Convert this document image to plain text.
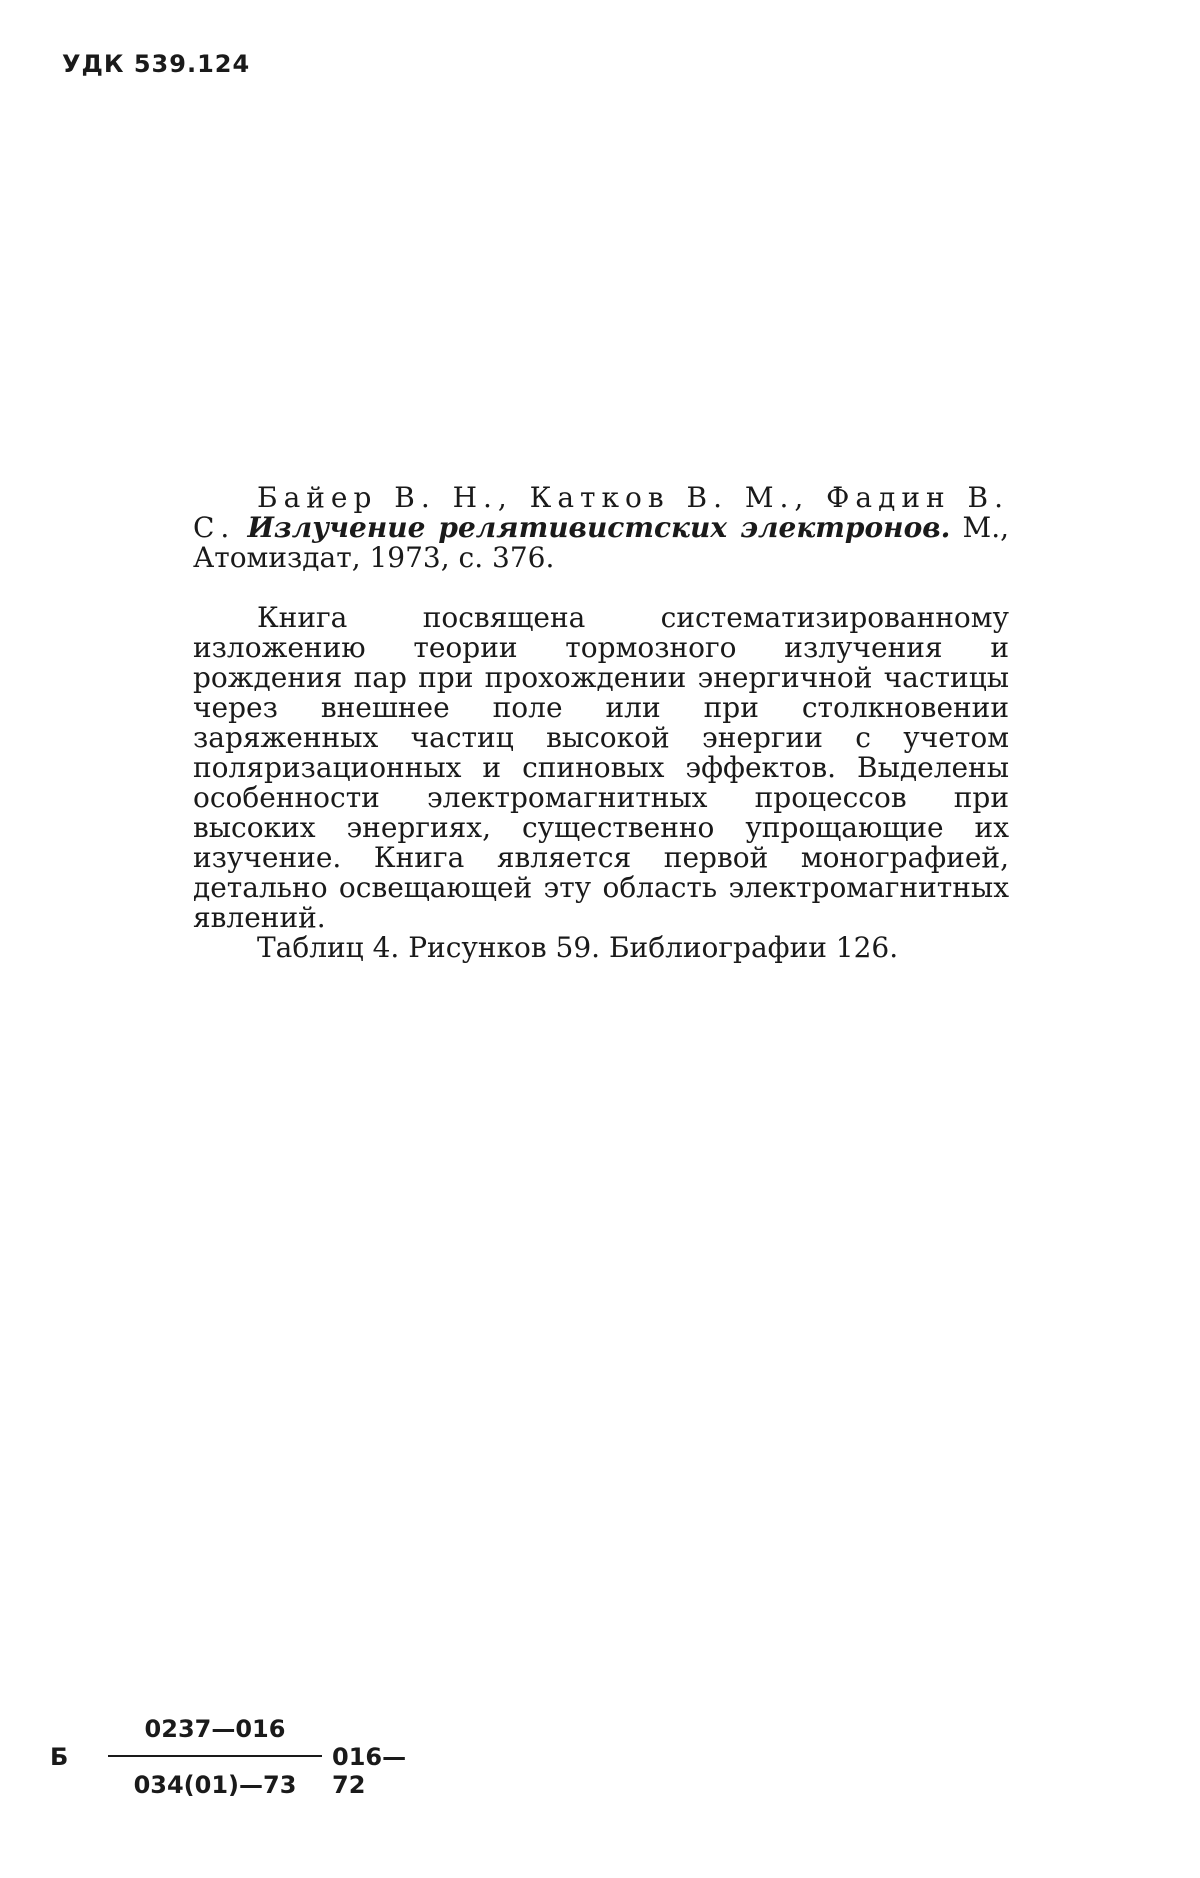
УДК 539.124

Байер В. Н., Катков В. М., Фадин В. С. Излучение релятивистских электронов. М., Атомиздат, 1973, с. 376.

Книга посвящена систематизированному изложению теории тормозного излучения и рождения пар при прохождении энергичной частицы через внешнее поле или при столкновении заряженных частиц высокой энергии с учетом поляризационных и спиновых эффектов. Выделены особенности электромагнитных процессов при высоких энергиях, существенно упрощающие их изучение. Книга является первой монографией, детально освещающей эту область электромагнитных явлений.

Таблиц 4. Рисунков 59. Библиографии 126.

Б
0237—016
034(01)—73
016—72
